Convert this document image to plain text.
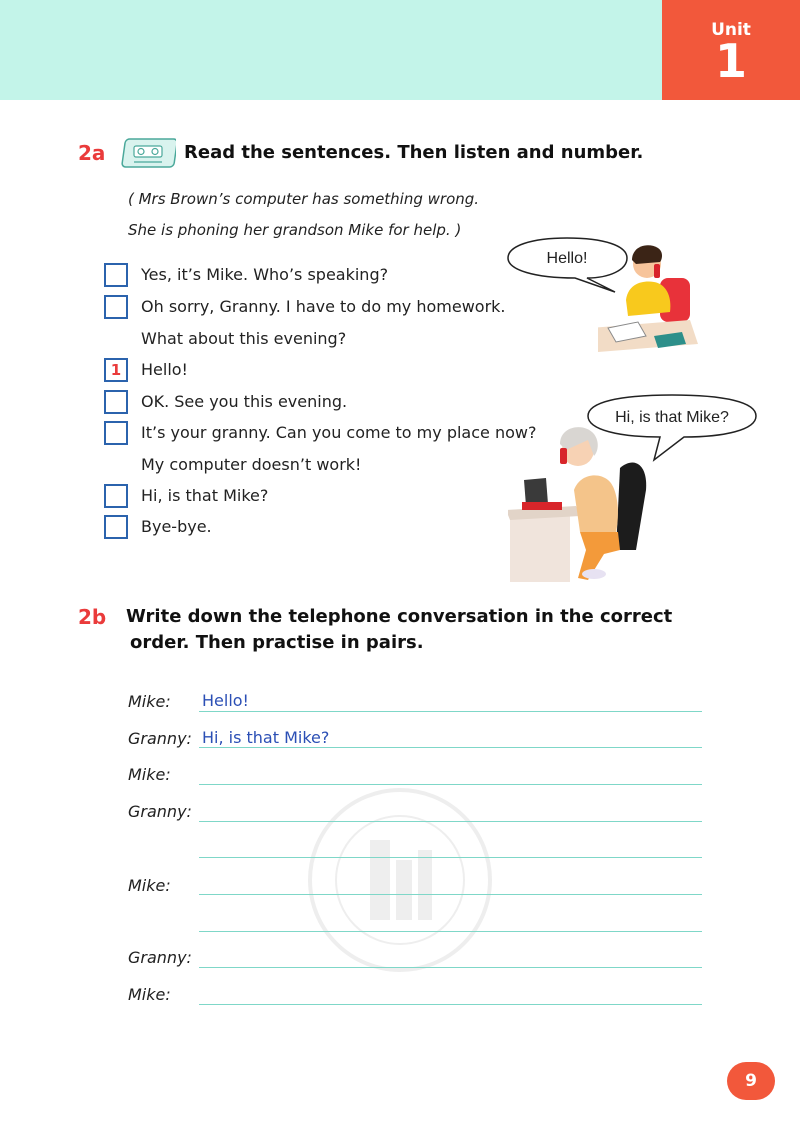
Unit
1
2a	Read the sentences. Then listen and number.
( Mrs Brown’s computer has something wrong.
She is phoning her grandson Mike for help. )
Yes, it’s Mike. Who’s speaking?
Oh sorry, Granny. I have to do my homework.
What about this evening?
1	Hello!
OK. See you this evening.
It’s your granny. Can you come to my place now?
My computer doesn’t work!
Hi, is that Mike?
Bye-bye.
Hello!
Hi, is that Mike?
2b Write down the telephone conversation in the correct
order. Then practise in pairs.
Mike: Hello!
Granny: Hi, is that Mike?
Mike:
Granny:
Mike:
Granny:
Mike:
9
